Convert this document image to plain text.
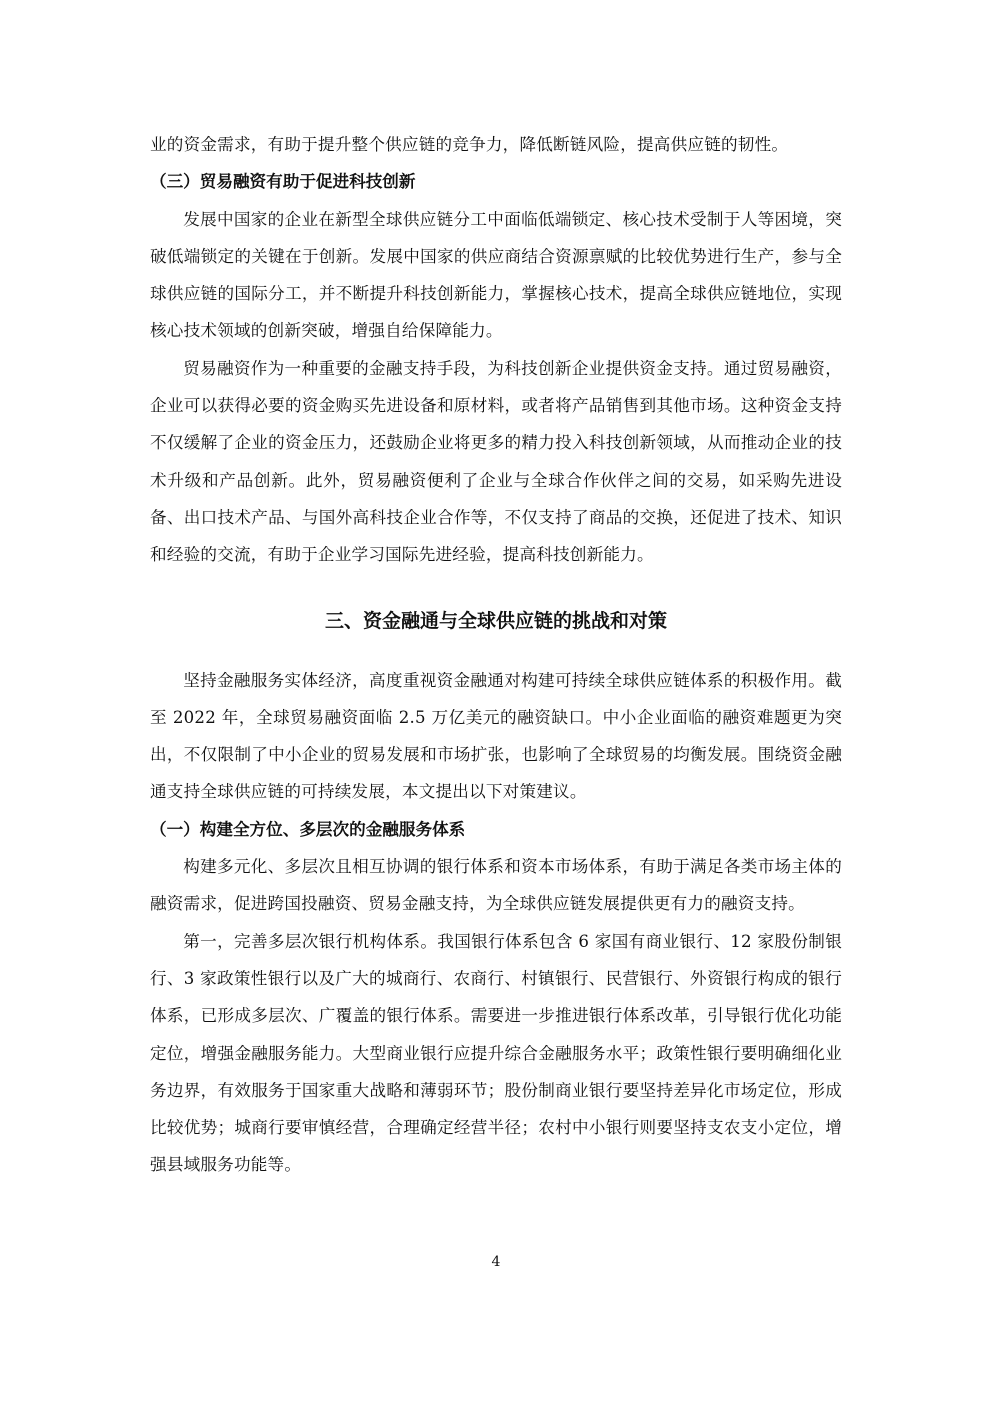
业的资金需求，有助于提升整个供应链的竞争力，降低断链风险，提高供应链的韧性。

（三）贸易融资有助于促进科技创新

发展中国家的企业在新型全球供应链分工中面临低端锁定、核心技术受制于人等困境，突破低端锁定的关键在于创新。发展中国家的供应商结合资源禀赋的比较优势进行生产，参与全球供应链的国际分工，并不断提升科技创新能力，掌握核心技术，提高全球供应链地位，实现核心技术领域的创新突破，增强自给保障能力。

贸易融资作为一种重要的金融支持手段，为科技创新企业提供资金支持。通过贸易融资，企业可以获得必要的资金购买先进设备和原材料，或者将产品销售到其他市场。这种资金支持不仅缓解了企业的资金压力，还鼓励企业将更多的精力投入科技创新领域，从而推动企业的技术升级和产品创新。此外，贸易融资便利了企业与全球合作伙伴之间的交易，如采购先进设备、出口技术产品、与国外高科技企业合作等，不仅支持了商品的交换，还促进了技术、知识和经验的交流，有助于企业学习国际先进经验，提高科技创新能力。

三、资金融通与全球供应链的挑战和对策

坚持金融服务实体经济，高度重视资金融通对构建可持续全球供应链体系的积极作用。截至 2022 年，全球贸易融资面临 2.5 万亿美元的融资缺口。中小企业面临的融资难题更为突出，不仅限制了中小企业的贸易发展和市场扩张，也影响了全球贸易的均衡发展。围绕资金融通支持全球供应链的可持续发展，本文提出以下对策建议。

（一）构建全方位、多层次的金融服务体系

构建多元化、多层次且相互协调的银行体系和资本市场体系，有助于满足各类市场主体的融资需求，促进跨国投融资、贸易金融支持，为全球供应链发展提供更有力的融资支持。

第一，完善多层次银行机构体系。我国银行体系包含 6 家国有商业银行、12 家股份制银行、3 家政策性银行以及广大的城商行、农商行、村镇银行、民营银行、外资银行构成的银行体系，已形成多层次、广覆盖的银行体系。需要进一步推进银行体系改革，引导银行优化功能定位，增强金融服务能力。大型商业银行应提升综合金融服务水平；政策性银行要明确细化业务边界，有效服务于国家重大战略和薄弱环节；股份制商业银行要坚持差异化市场定位，形成比较优势；城商行要审慎经营，合理确定经营半径；农村中小银行则要坚持支农支小定位，增强县域服务功能等。

4
